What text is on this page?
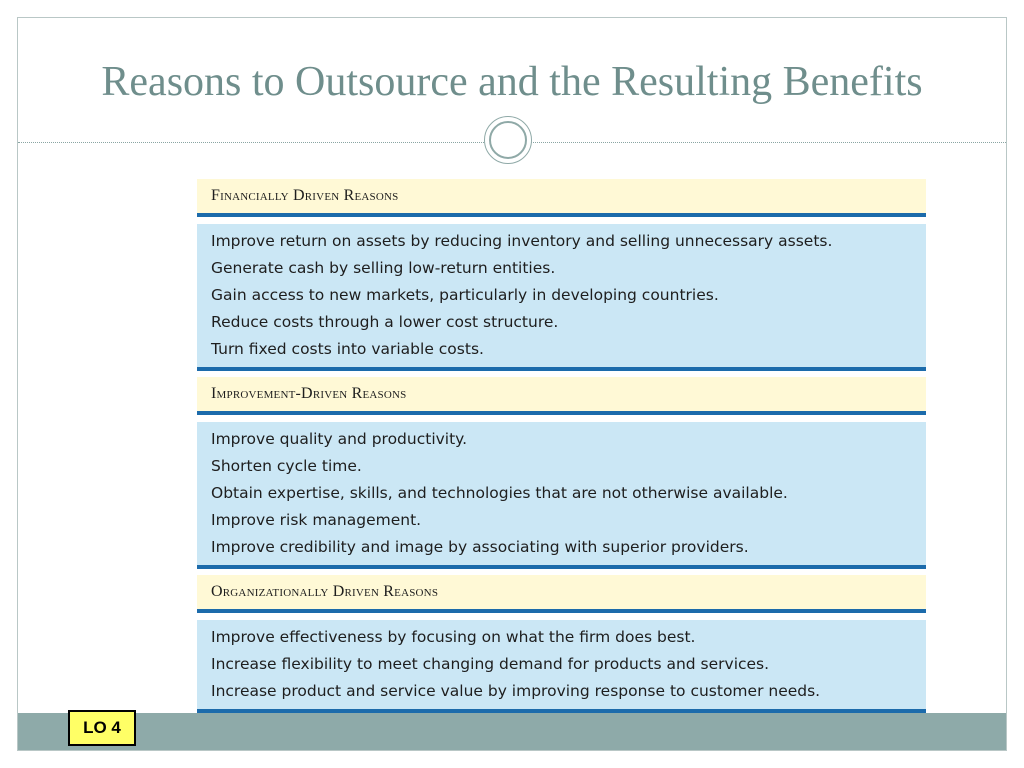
Reasons to Outsource and the Resulting Benefits
Financially Driven Reasons
Improve return on assets by reducing inventory and selling unnecessary assets.
Generate cash by selling low-return entities.
Gain access to new markets, particularly in developing countries.
Reduce costs through a lower cost structure.
Turn fixed costs into variable costs.
Improvement-Driven Reasons
Improve quality and productivity.
Shorten cycle time.
Obtain expertise, skills, and technologies that are not otherwise available.
Improve risk management.
Improve credibility and image by associating with superior providers.
Organizationally Driven Reasons
Improve effectiveness by focusing on what the firm does best.
Increase flexibility to meet changing demand for products and services.
Increase product and service value by improving response to customer needs.
LO 4
